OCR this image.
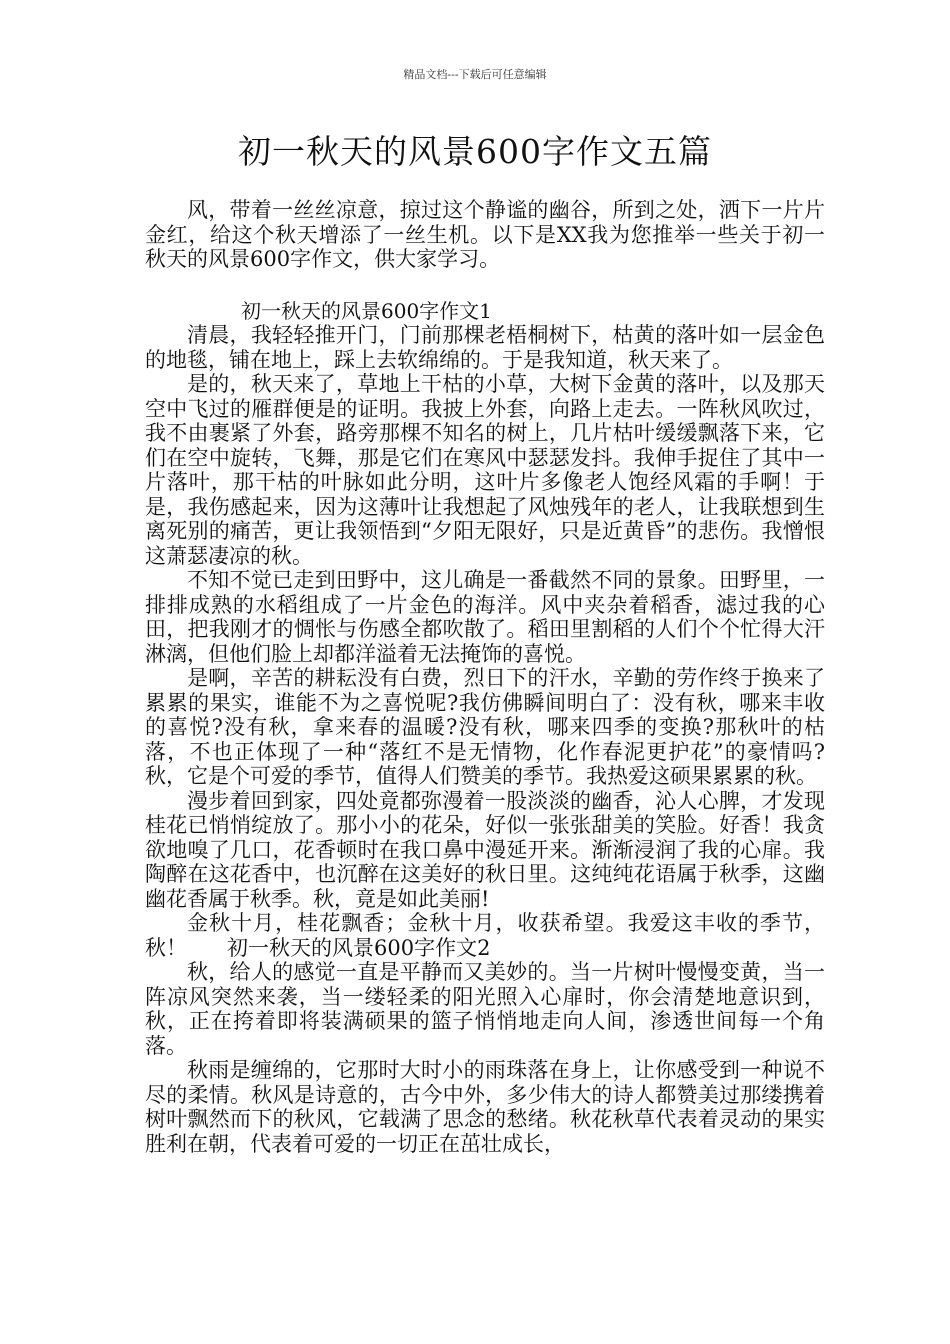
精品文档---下载后可任意编辑
初一秋天的风景600字作文五篇

风，带着一丝丝凉意，掠过这个静谧的幽谷，所到之处，洒下一片片金红，给这个秋天增添了一丝生机。以下是XX我为您推举一些关于初一秋天的风景600字作文，供大家学习。

初一秋天的风景600字作文1

清晨，我轻轻推开门，门前那棵老梧桐树下，枯黄的落叶如一层金色的地毯，铺在地上，踩上去软绵绵的。于是我知道，秋天来了。

是的，秋天来了，草地上干枯的小草，大树下金黄的落叶，以及那天空中飞过的雁群便是的证明。我披上外套，向路上走去。一阵秋风吹过，我不由裹紧了外套，路旁那棵不知名的树上，几片枯叶缓缓飘落下来，它们在空中旋转，飞舞，那是它们在寒风中瑟瑟发抖。我伸手捉住了其中一片落叶，那干枯的叶脉如此分明，这叶片多像老人饱经风霜的手啊！于是，我伤感起来，因为这薄叶让我想起了风烛残年的老人，让我联想到生离死别的痛苦，更让我领悟到“夕阳无限好，只是近黄昏”的悲伤。我憎恨这萧瑟凄凉的秋。

不知不觉已走到田野中，这儿确是一番截然不同的景象。田野里，一排排成熟的水稻组成了一片金色的海洋。风中夹杂着稻香，滤过我的心田，把我刚才的惆怅与伤感全都吹散了。稻田里割稻的人们个个忙得大汗淋漓，但他们脸上却都洋溢着无法掩饰的喜悦。

是啊，辛苦的耕耘没有白费，烈日下的汗水，辛勤的劳作终于换来了累累的果实，谁能不为之喜悦呢?我仿佛瞬间明白了：没有秋，哪来丰收的喜悦?没有秋，拿来春的温暖?没有秋，哪来四季的变换?那秋叶的枯落，不也正体现了一种“落红不是无情物，化作春泥更护花”的豪情吗?秋，它是个可爱的季节，值得人们赞美的季节。我热爱这硕果累累的秋。

漫步着回到家，四处竟都弥漫着一股淡淡的幽香，沁人心脾，才发现桂花已悄悄绽放了。那小小的花朵，好似一张张甜美的笑脸。好香！我贪欲地嗅了几口，花香顿时在我口鼻中漫延开来。渐渐浸润了我的心扉。我陶醉在这花香中，也沉醉在这美好的秋日里。这纯纯花语属于秋季，这幽幽花香属于秋季。秋，竟是如此美丽!

金秋十月，桂花飘香；金秋十月，收获希望。我爱这丰收的季节，秋！ 初一秋天的风景600字作文2

秋，给人的感觉一直是平静而又美妙的。当一片树叶慢慢变黄，当一阵凉风突然来袭，当一缕轻柔的阳光照入心扉时，你会清楚地意识到，秋，正在挎着即将装满硕果的篮子悄悄地走向人间，渗透世间每一个角落。

秋雨是缠绵的，它那时大时小的雨珠落在身上，让你感受到一种说不尽的柔情。秋风是诗意的，古今中外，多少伟大的诗人都赞美过那缕携着树叶飘然而下的秋风，它载满了思念的愁绪。秋花秋草代表着灵动的果实胜利在朝，代表着可爱的一切正在茁壮成长，
